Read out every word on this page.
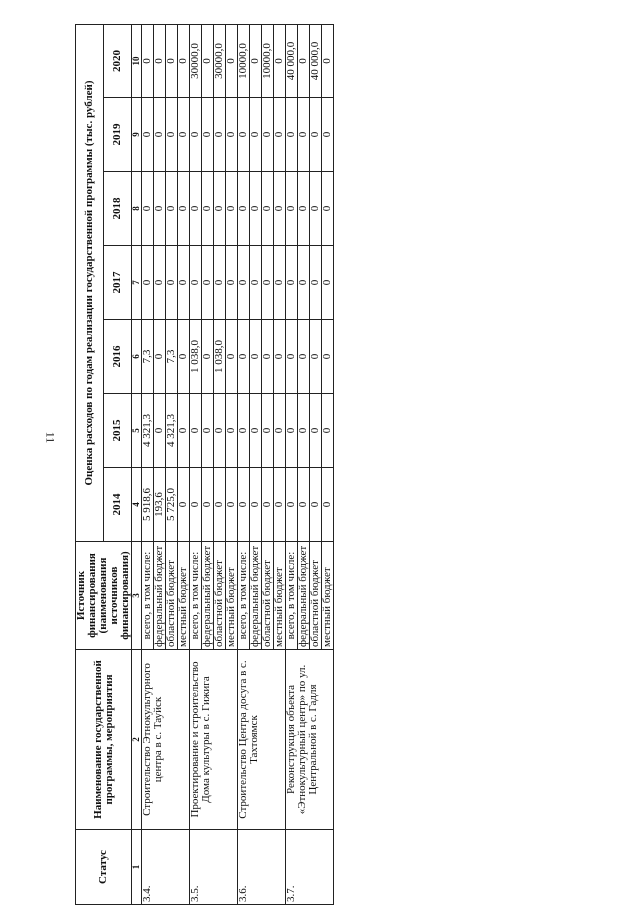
11
Статус	Наименование государственной программы, мероприятия	Источник финансирования (наименования источников финансирования)	Оценка расходов по годам реализации государственной программы (тыс. рублей)						
			2014	2015	2016	2017	2018	2019	2020
1	2	3	4	5	6	7	8	9	10
3.4.	Строительство Этнокультурного центра в с. Тауйск	всего, в том числе:	5 918,6	4 321,3	7,3	0	0	0	0
		федеральный бюджет	193,6	0	0	0	0	0	0
		областной бюджет	5 725,0	4 321,3	7,3	0	0	0	0
		местный бюджет	0	0	0	0	0	0	0
3.5.	Проектирование и строительство Дома культуры в с. Гижига	всего, в том числе:	0	0	1 038,0	0	0	0	30000,0
		федеральный бюджет	0	0	0	0	0	0	0
		областной бюджет	0	0	1 038,0	0	0	0	30000,0
		местный бюджет	0	0	0	0	0	0	0
3.6.	Строительство Центра досуга в с. Тахтоямск	всего, в том числе:	0	0	0	0	0	0	10000,0
		федеральный бюджет	0	0	0	0	0	0	0
		областной бюджет	0	0	0	0	0	0	10000,0
		местный бюджет	0	0	0	0	0	0	0
3.7.	Реконструкция объекта «Этнокультурный центр» по ул. Центральной в с. Гадля	всего, в том числе:	0	0	0	0	0	0	40 000,0
		федеральный бюджет	0	0	0	0	0	0	0
		областной бюджет	0	0	0	0	0	0	40 000,0
		местный бюджет	0	0	0	0	0	0	0
